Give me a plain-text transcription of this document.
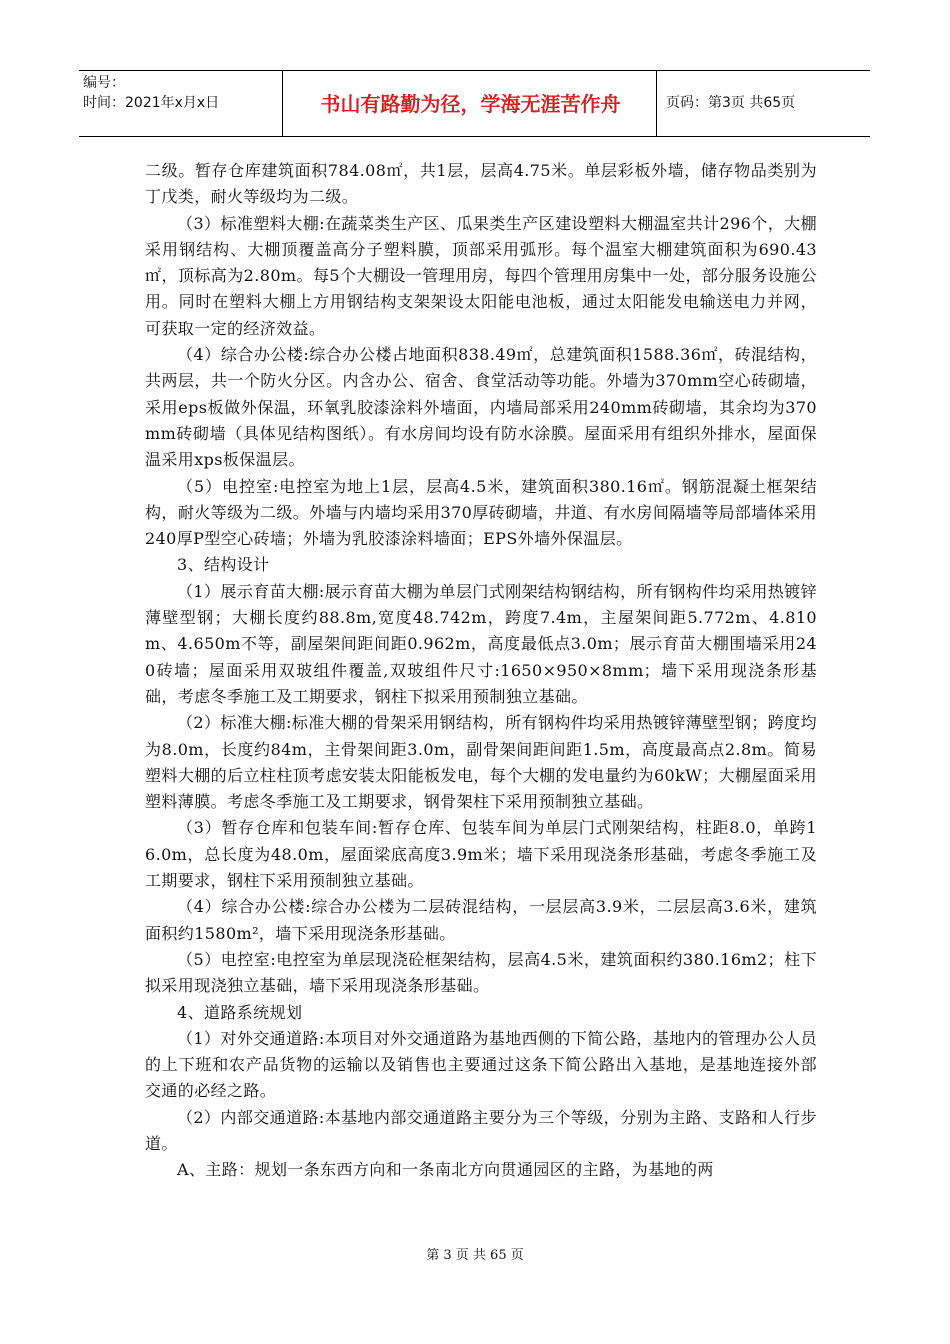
编号：
时间：2021年x月x日	书山有路勤为径，学海无涯苦作舟	页码：第3页 共65页

二级。暂存仓库建筑面积784.08㎡，共1层，层高4.75米。单层彩板外墙，储存物品类别为丁戊类，耐火等级均为二级。

（3）标准塑料大棚:在蔬菜类生产区、瓜果类生产区建设塑料大棚温室共计296个，大棚采用钢结构、大棚顶覆盖高分子塑料膜，顶部采用弧形。每个温室大棚建筑面积为690.43㎡，顶标高为2.80m。每5个大棚设一管理用房，每四个管理用房集中一处，部分服务设施公用。同时在塑料大棚上方用钢结构支架架设太阳能电池板，通过太阳能发电输送电力并网，可获取一定的经济效益。

（4）综合办公楼:综合办公楼占地面积838.49㎡，总建筑面积1588.36㎡，砖混结构，共两层，共一个防火分区。内含办公、宿舍、食堂活动等功能。外墙为370mm空心砖砌墙，采用eps板做外保温，环氧乳胶漆涂料外墙面，内墙局部采用240mm砖砌墙，其余均为370mm砖砌墙（具体见结构图纸）。有水房间均设有防水涂膜。屋面采用有组织外排水，屋面保温采用xps板保温层。

（5）电控室:电控室为地上1层，层高4.5米，建筑面积380.16㎡。钢筋混凝土框架结构，耐火等级为二级。外墙与内墙均采用370厚砖砌墙，井道、有水房间隔墙等局部墙体采用240厚P型空心砖墙；外墙为乳胶漆涂料墙面；EPS外墙外保温层。

3、结构设计

（1）展示育苗大棚:展示育苗大棚为单层门式刚架结构钢结构，所有钢构件均采用热镀锌薄壁型钢；大棚长度约88.8m,宽度48.742m，跨度7.4m，主屋架间距5.772m、4.810m、4.650m不等，副屋架间距间距0.962m，高度最低点3.0m；展示育苗大棚围墙采用240砖墙；屋面采用双玻组件覆盖,双玻组件尺寸:1650×950×8mm；墙下采用现浇条形基础，考虑冬季施工及工期要求，钢柱下拟采用预制独立基础。

（2）标准大棚:标准大棚的骨架采用钢结构，所有钢构件均采用热镀锌薄壁型钢；跨度均为8.0m，长度约84m，主骨架间距3.0m，副骨架间距间距1.5m，高度最高点2.8m。简易塑料大棚的后立柱柱顶考虑安装太阳能板发电，每个大棚的发电量约为60kW；大棚屋面采用塑料薄膜。考虑冬季施工及工期要求，钢骨架柱下采用预制独立基础。

（3）暂存仓库和包装车间:暂存仓库、包装车间为单层门式刚架结构，柱距8.0，单跨16.0m，总长度为48.0m，屋面梁底高度3.9m米；墙下采用现浇条形基础，考虑冬季施工及工期要求，钢柱下采用预制独立基础。

（4）综合办公楼:综合办公楼为二层砖混结构，一层层高3.9米，二层层高3.6米，建筑面积约1580m²，墙下采用现浇条形基础。

（5）电控室:电控室为单层现浇砼框架结构，层高4.5米，建筑面积约380.16m2；柱下拟采用现浇独立基础，墙下采用现浇条形基础。

4、道路系统规划

（1）对外交通道路:本项目对外交通道路为基地西侧的下简公路，基地内的管理办公人员的上下班和农产品货物的运输以及销售也主要通过这条下简公路出入基地，是基地连接外部交通的必经之路。

（2）内部交通道路:本基地内部交通道路主要分为三个等级，分别为主路、支路和人行步道。

A、主路：规划一条东西方向和一条南北方向贯通园区的主路，为基地的两

第 3 页 共 65 页
